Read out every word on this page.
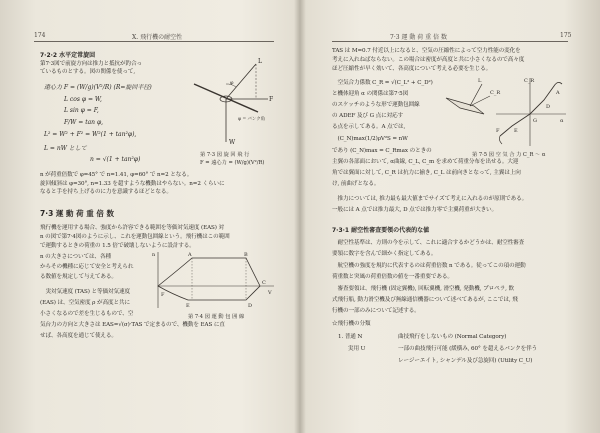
174	Ⅹ. 飛行機の耐空性
7·2·2 水平定常旋回
第7·3図で前旋方向は推力と抵抗が釣合っ
ているものとする。図の関係を使って,
遠心力 F = (W/g)(V²/R) (R=旋回半径)
L cos φ = W,
L sin φ = F,
F/W = tan φ,
L² = W² + F² = W²(1 + tan²φ),
L = nW として
n = √(1 + tan²φ)
L
W
F
φ
φ = バンク角
第 7·3 図 旋 回 飛 行
F = 遠心力 = (W/g)(V²/R)
n が荷重倍数で φ=45° で n=1.41, φ=60° で n=2 となる。
旋回傾斜は φ=30°, n=1.33 を超すような機動はやらない。n=2 くらいに
なると手を持ち上げるのに力を意識するほどとなる。
7·3 運 動 荷 重 倍 数
飛行機を運用する場合、強度から許容できる範囲を等価対気速度 (EAS) 対
n の図で第7·4図のように示し、これを運動包囲線という。飛行機はこの範囲
で運動するときの荷重の 1.5 倍で破壊しないように設計する。
n の大きさについては、各種
からその機種に応じて安全と考えられ
る数値を規定して与えてある。
　実対気速度 (TAS) と等価対気速度
(EAS) は、空気密度 ρ が高度と共に
小さくなるので差を生じるもので、空
気台力の方向と大きさは EAS=√(σ)·TAS で定まるので、機動を EAS に直
せば、各高度を通じて使える。
n
V
A	B
C
D
E
F
第 7·4 図 運 動 包 囲 線
7·3 運 動 荷 重 倍 数	175
TAS は M=0.7 付近以上になると、空気の圧縮性によって空力性能の変化を
考えに入れねばならない。この場合は密度が高度と共に小さくなるので高々度
ほど圧縮性が早く効いて、各高度について考える必要を生じる。
　空気合力係数 C_R = √(C_L² + C_D²)
と機体迎角 α の関係は第7·5図
のスケッチのような形で運動包囲線
の ADEF 及び G 点に対応す
る点を示してある。A 点では,
　(C_N)max(1/2)ρV²S = nW
であり (C_N)max = C_Rmax のときの
主翼の各部面において, α曲線, C_L, C_m を求めて荷重分布を出せる。大迎
角では翼面に対して, C_R は抗力に揃き, C_L は前向きとなって, 主翼は上向
け, 前曲げとなる。
L
C_R
C_R
α
A
D
G
E
F
第 7·5 図 空 気 合 力 C_R ～ α
　推力については, 推力最も最大値までサイズて考えに入れるのが原則である。
一般には A 点では推力最大, D 点では推力零で主翼荷重が大きい。
7·3·1 耐空性審査要領の代表的な値
　耐空性基準は、方則の今を示して、これに適合するかどうかは、耐空性審査
要領に数字を含んで細かく指定してある。
　航空機の強度を規約に代表するのは荷重倍数 n である。従ってこの項の運動
荷重数と突風の荷重倍数の値を一番重要である。
　審査要領は、飛行機 (固定翼機), 回転翼機, 滑空機, 発動機, プロペラ, 飲
式飛行船, 動力滑空機及び無線通信機器について述べてあるが, ここでは, 飛
行機の一部のみについて記述する。
☆飛行機の分類
1. 普通 N	曲技飛行をしないもの (Normal Category)
実用 U	一部の曲技飛行可能 (緩横み, 60° を超えるバンクを伴う
レージーエイト, シャンデル及び急旋回) (Utility C_U)
